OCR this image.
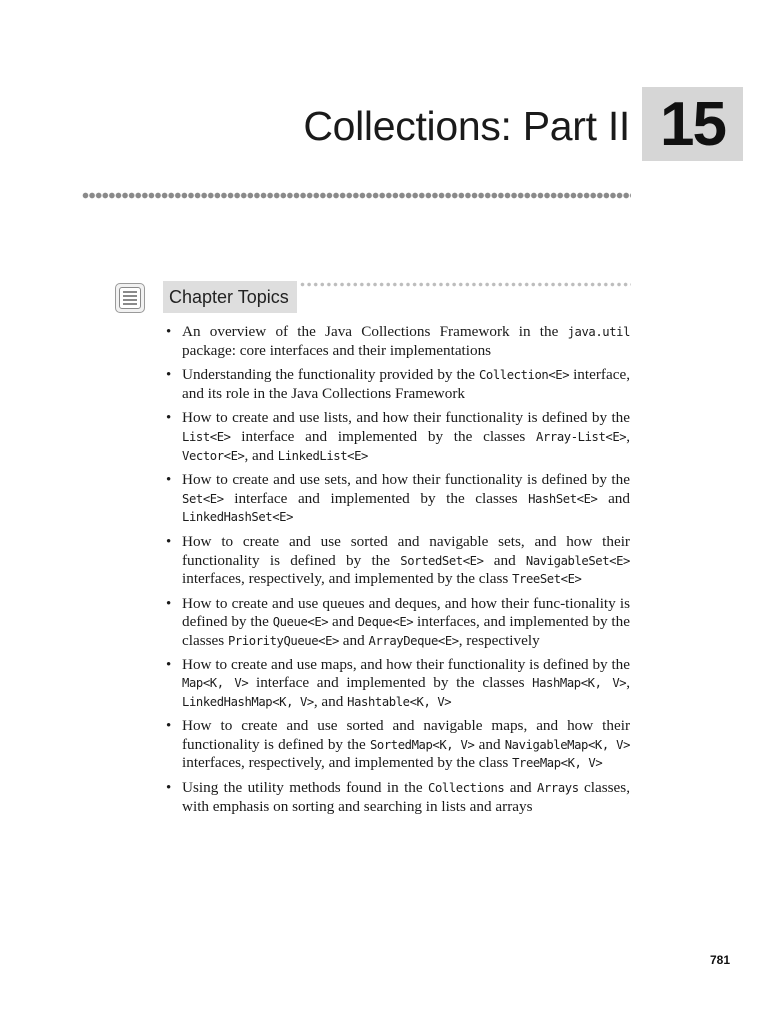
Collections: Part II 15
Chapter Topics
• An overview of the Java Collections Framework in the java.util package: core interfaces and their implementations
• Understanding the functionality provided by the Collection<E> interface, and its role in the Java Collections Framework
• How to create and use lists, and how their functionality is defined by the List<E> interface and implemented by the classes Array-List<E>, Vector<E>, and LinkedList<E>
• How to create and use sets, and how their functionality is defined by the Set<E> interface and implemented by the classes HashSet<E> and LinkedHashSet<E>
• How to create and use sorted and navigable sets, and how their functionality is defined by the SortedSet<E> and NavigableSet<E> interfaces, respectively, and implemented by the class TreeSet<E>
• How to create and use queues and deques, and how their func-tionality is defined by the Queue<E> and Deque<E> interfaces, and implemented by the classes PriorityQueue<E> and ArrayDeque<E>, respectively
• How to create and use maps, and how their functionality is defined by the Map<K, V> interface and implemented by the classes HashMap<K, V>, LinkedHashMap<K, V>, and Hashtable<K, V>
• How to create and use sorted and navigable maps, and how their functionality is defined by the SortedMap<K, V> and NavigableMap<K, V> interfaces, respectively, and implemented by the class TreeMap<K, V>
• Using the utility methods found in the Collections and Arrays classes, with emphasis on sorting and searching in lists and arrays
781
